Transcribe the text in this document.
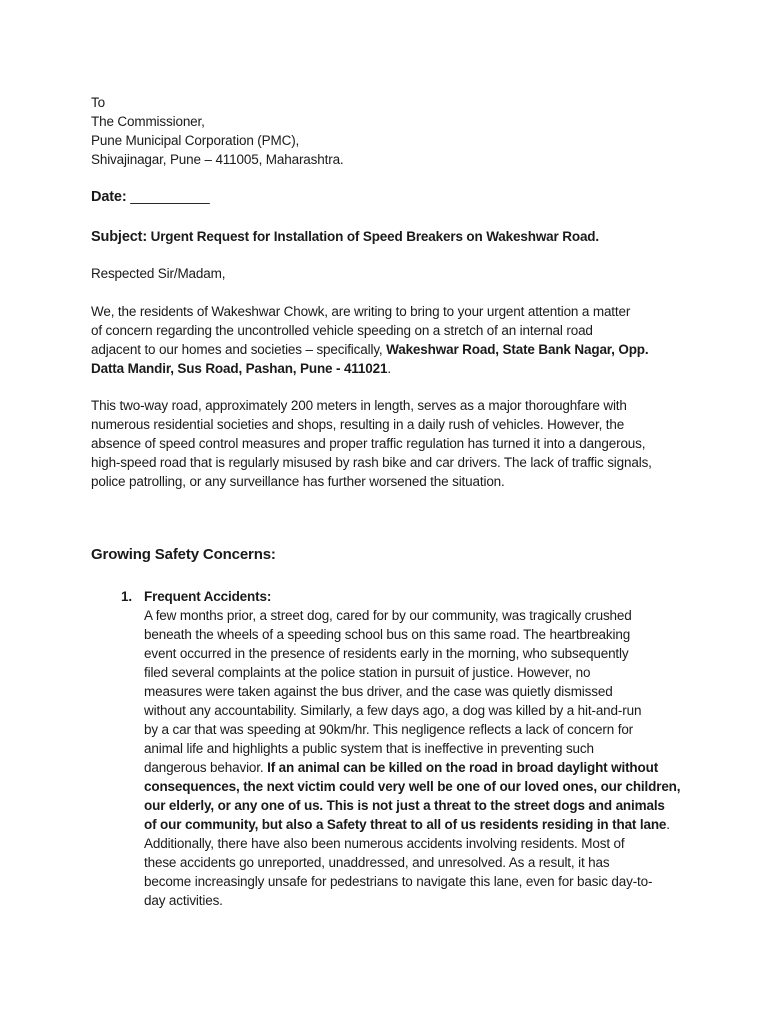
To
The Commissioner,
Pune Municipal Corporation (PMC),
Shivajinagar, Pune – 411005, Maharashtra.
Date: __________
Subject: Urgent Request for Installation of Speed Breakers on Wakeshwar Road.
Respected Sir/Madam,
We, the residents of Wakeshwar Chowk, are writing to bring to your urgent attention a matter
of concern regarding the uncontrolled vehicle speeding on a stretch of an internal road
adjacent to our homes and societies – specifically, Wakeshwar Road, State Bank Nagar, Opp.
Datta Mandir, Sus Road, Pashan, Pune - 411021.
This two-way road, approximately 200 meters in length, serves as a major thoroughfare with
numerous residential societies and shops, resulting in a daily rush of vehicles. However, the
absence of speed control measures and proper traffic regulation has turned it into a dangerous,
high-speed road that is regularly misused by rash bike and car drivers. The lack of traffic signals,
police patrolling, or any surveillance has further worsened the situation.
Growing Safety Concerns:
1. Frequent Accidents:
A few months prior, a street dog, cared for by our community, was tragically crushed
beneath the wheels of a speeding school bus on this same road. The heartbreaking
event occurred in the presence of residents early in the morning, who subsequently
filed several complaints at the police station in pursuit of justice. However, no
measures were taken against the bus driver, and the case was quietly dismissed
without any accountability. Similarly, a few days ago, a dog was killed by a hit-and-run
by a car that was speeding at 90km/hr. This negligence reflects a lack of concern for
animal life and highlights a public system that is ineffective in preventing such
dangerous behavior. If an animal can be killed on the road in broad daylight without
consequences, the next victim could very well be one of our loved ones, our children,
our elderly, or any one of us. This is not just a threat to the street dogs and animals
of our community, but also a Safety threat to all of us residents residing in that lane.
Additionally, there have also been numerous accidents involving residents. Most of
these accidents go unreported, unaddressed, and unresolved. As a result, it has
become increasingly unsafe for pedestrians to navigate this lane, even for basic day-to-
day activities.
